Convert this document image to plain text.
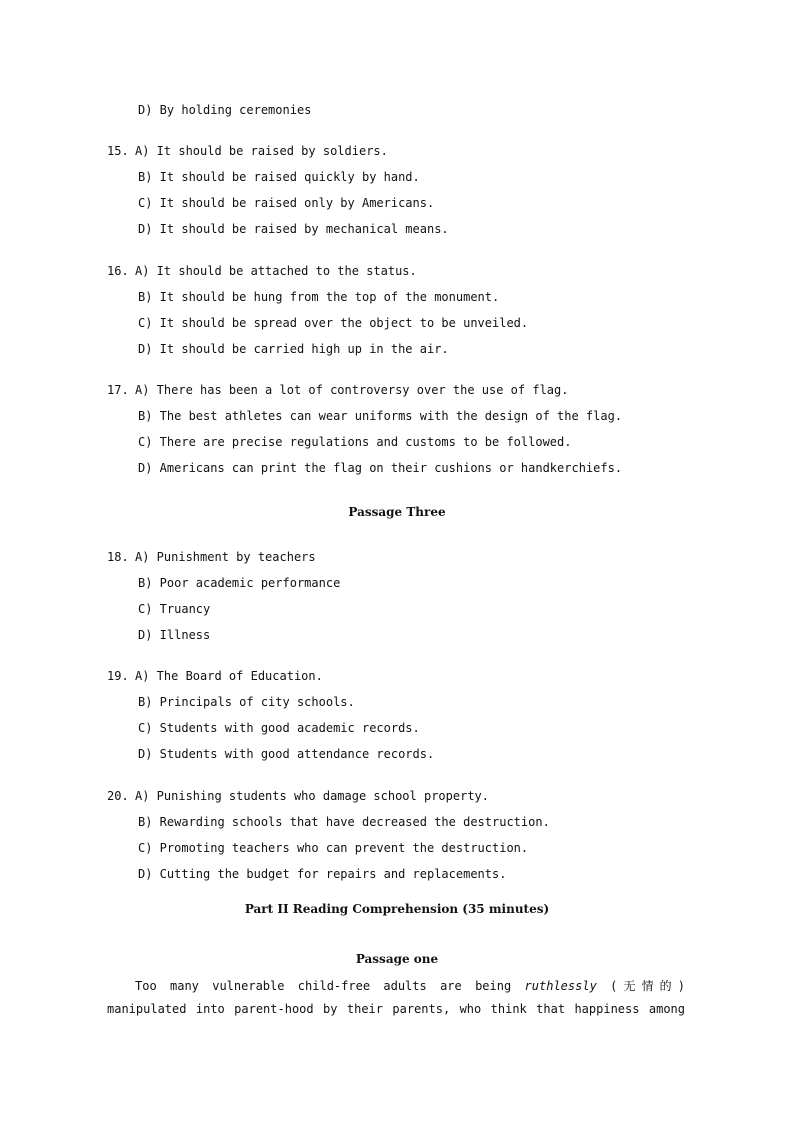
D) By holding ceremonies
15. A) It should be raised by soldiers.
B) It should be raised quickly by hand.
C) It should be raised only by Americans.
D) It should be raised by mechanical means.
16. A) It should be attached to the status.
B) It should be hung from the top of the monument.
C) It should be spread over the object to be unveiled.
D) It should be carried high up in the air.
17. A) There has been a lot of controversy over the use of flag.
B) The best athletes can wear uniforms with the design of the flag.
C) There are precise regulations and customs to be followed.
D) Americans can print the flag on their cushions or handkerchiefs.
Passage Three
18. A) Punishment by teachers
B) Poor academic performance
C) Truancy
D) Illness
19. A) The Board of Education.
B) Principals of city schools.
C) Students with good academic records.
D) Students with good attendance records.
20. A) Punishing students who damage school property.
B) Rewarding schools that have decreased the destruction.
C) Promoting teachers who can prevent the destruction.
D) Cutting the budget for repairs and replacements.
Part II Reading Comprehension (35 minutes)
Passage one
Too many vulnerable child-free adults are being ruthlessly (无情的)
manipulated into parent-hood by their parents, who think that happiness among
